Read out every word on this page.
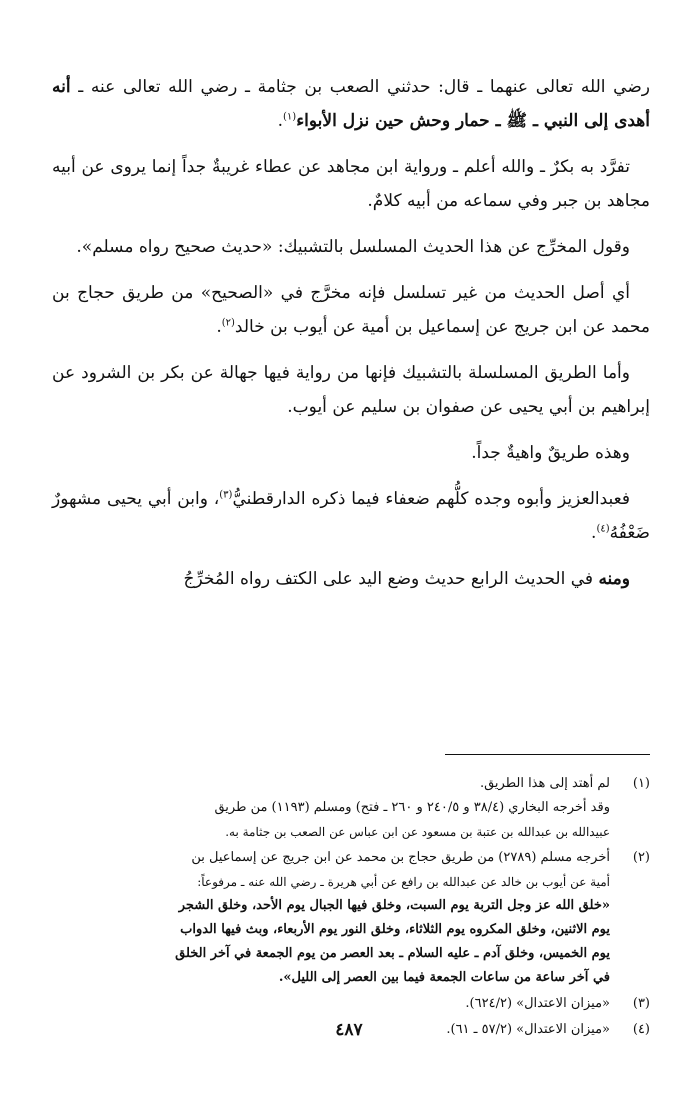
رضي الله تعالى عنهما ـ قال: حدثني الصعب بن جثامة ـ رضي الله تعالى عنه ـ أنه أهدى إلى النبي ـ ﷺ ـ حمار وحش حين نزل الأبواء$^{(١)}$.

تفرَّد به بكرٌ ـ والله أعلم ـ ورواية ابن مجاهد عن عطاء غريبةٌ جداً إنما يروى عن أبيه مجاهد بن جبر وفي سماعه من أبيه كلامٌ.

وقول المخرِّج عن هذا الحديث المسلسل بالتشبيك: «حديث صحيح رواه مسلم».

أي أصل الحديث من غير تسلسل فإنه مخرَّج في «الصحيح» من طريق حجاج بن محمد عن ابن جريج عن إسماعيل بن أمية عن أيوب بن خالد$^{(٢)}$.

وأما الطريق المسلسلة بالتشبيك فإنها من رواية فيها جهالة عن بكر بن الشرود عن إبراهيم بن أبي يحيى عن صفوان بن سليم عن أيوب.

وهذه طريقٌ واهيةٌ جداً.

فعبدالعزيز وأبوه وجده كلُّهم ضعفاء فيما ذكره الدارقطنيُّ$^{(٣)}$، وابن أبي يحيى مشهورٌ ضَعْفُهُ$^{(٤)}$.

ومنه في الحديث الرابع حديث وضع اليد على الكتف رواه المُخرِّجُ

(١)
لم أهتد إلى هذا الطريق.
وقد أخرجه البخاري (٣٨/٤ و ٢٤٠/٥ و ٢٦٠ ـ فتح) ومسلم (١١٩٣) من طريق
عبيدالله بن عبدالله بن عتبة بن مسعود عن ابن عباس عن الصعب بن جثامة به.
(٢)
أخرجه مسلم (٢٧٨٩) من طريق حجاج بن محمد عن ابن جريج عن إسماعيل بن
أمية عن أيوب بن خالد عن عبدالله بن رافع عن أبي هريرة ـ رضي الله عنه ـ مرفوعاً:
«خلق الله عز وجل التربة يوم السبت، وخلق فيها الجبال يوم الأحد، وخلق الشجر
يوم الاثنين، وخلق المكروه يوم الثلاثاء، وخلق النور يوم الأربعاء، وبث فيها الدواب
يوم الخميس، وخلق آدم ـ عليه السلام ـ بعد العصر من يوم الجمعة في آخر الخلق
في آخر ساعة من ساعات الجمعة فيما بين العصر إلى الليل».
(٣)
«ميزان الاعتدال» (٦٢٤/٢).
(٤)
«ميزان الاعتدال» (٥٧/٢ ـ ٦١).
٤٨٧
